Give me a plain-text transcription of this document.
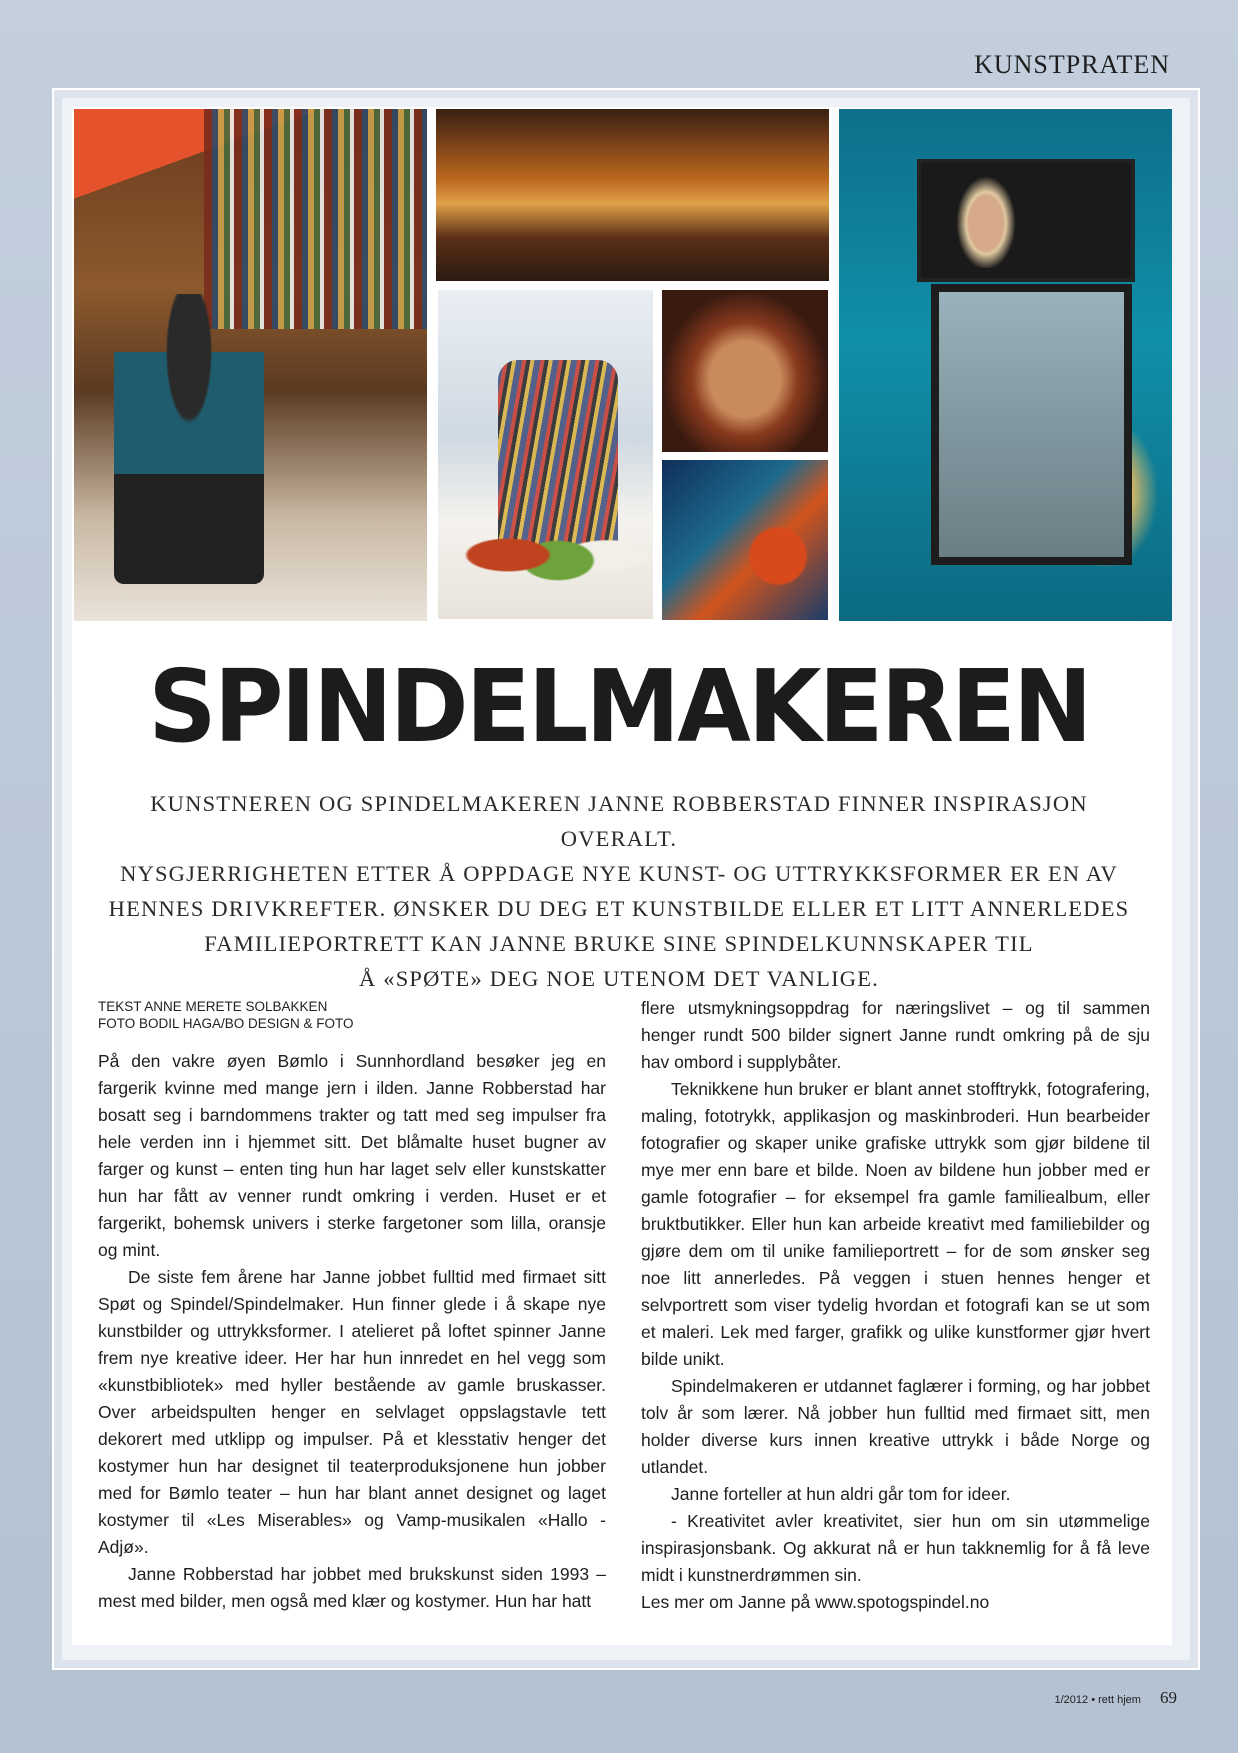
KUNSTPRATEN
SPINDELMAKEREN
KUNSTNEREN OG SPINDELMAKEREN JANNE ROBBERSTAD FINNER INSPIRASJON OVERALT.
NYSGJERRIGHETEN ETTER Å OPPDAGE NYE KUNST- OG UTTRYKKSFORMER ER EN AV
HENNES DRIVKREFTER. ØNSKER DU DEG ET KUNSTBILDE ELLER ET LITT ANNERLEDES
FAMILIEPORTRETT KAN JANNE BRUKE SINE SPINDELKUNNSKAPER TIL
Å «SPØTE» DEG NOE UTENOM DET VANLIGE.
TEKST ANNE MERETE SOLBAKKEN
FOTO BODIL HAGA/BO DESIGN & FOTO

På den vakre øyen Bømlo i Sunnhordland besøker jeg en fargerik kvinne med mange jern i ilden. Janne Robberstad har bosatt seg i barndommens trakter og tatt med seg impulser fra hele verden inn i hjemmet sitt. Det blåmalte huset bugner av farger og kunst – enten ting hun har laget selv eller kunstskatter hun har fått av venner rundt omkring i verden. Huset er et fargerikt, bohemsk univers i sterke fargetoner som lilla, oransje og mint.

De siste fem årene har Janne jobbet fulltid med firmaet sitt Spøt og Spindel/Spindelmaker. Hun finner glede i å skape nye kunstbilder og uttrykksformer. I atelieret på loftet spinner Janne frem nye kreative ideer. Her har hun innredet en hel vegg som «kunstbibliotek» med hyller bestående av gamle bruskasser. Over arbeidspulten henger en selvlaget oppslagstavle tett dekorert med utklipp og impulser. På et klesstativ henger det kostymer hun har designet til teaterproduksjonene hun jobber med for Bømlo teater – hun har blant annet designet og laget kostymer til «Les Miserables» og Vamp-musikalen «Hallo - Adjø».

Janne Robberstad har jobbet med brukskunst siden 1993 – mest med bilder, men også med klær og kostymer. Hun har hatt

flere utsmykningsoppdrag for næringslivet – og til sammen henger rundt 500 bilder signert Janne rundt omkring på de sju hav ombord i supplybåter.

Teknikkene hun bruker er blant annet stofftrykk, fotografering, maling, fototrykk, applikasjon og maskinbroderi. Hun bearbeider fotografier og skaper unike grafiske uttrykk som gjør bildene til mye mer enn bare et bilde. Noen av bildene hun jobber med er gamle fotografier – for eksempel fra gamle familiealbum, eller bruktbutikker. Eller hun kan arbeide kreativt med familiebilder og gjøre dem om til unike familieportrett – for de som ønsker seg noe litt annerledes. På veggen i stuen hennes henger et selvportrett som viser tydelig hvordan et fotografi kan se ut som et maleri. Lek med farger, grafikk og ulike kunstformer gjør hvert bilde unikt.

Spindelmakeren er utdannet faglærer i forming, og har jobbet tolv år som lærer. Nå jobber hun fulltid med firmaet sitt, men holder diverse kurs innen kreative uttrykk i både Norge og utlandet.

Janne forteller at hun aldri går tom for ideer.

- Kreativitet avler kreativitet, sier hun om sin utømmelige inspirasjonsbank. Og akkurat nå er hun takknemlig for å få leve midt i kunstnerdrømmen sin.

Les mer om Janne på www.spotogspindel.no

1/2012 • rett hjem 69
